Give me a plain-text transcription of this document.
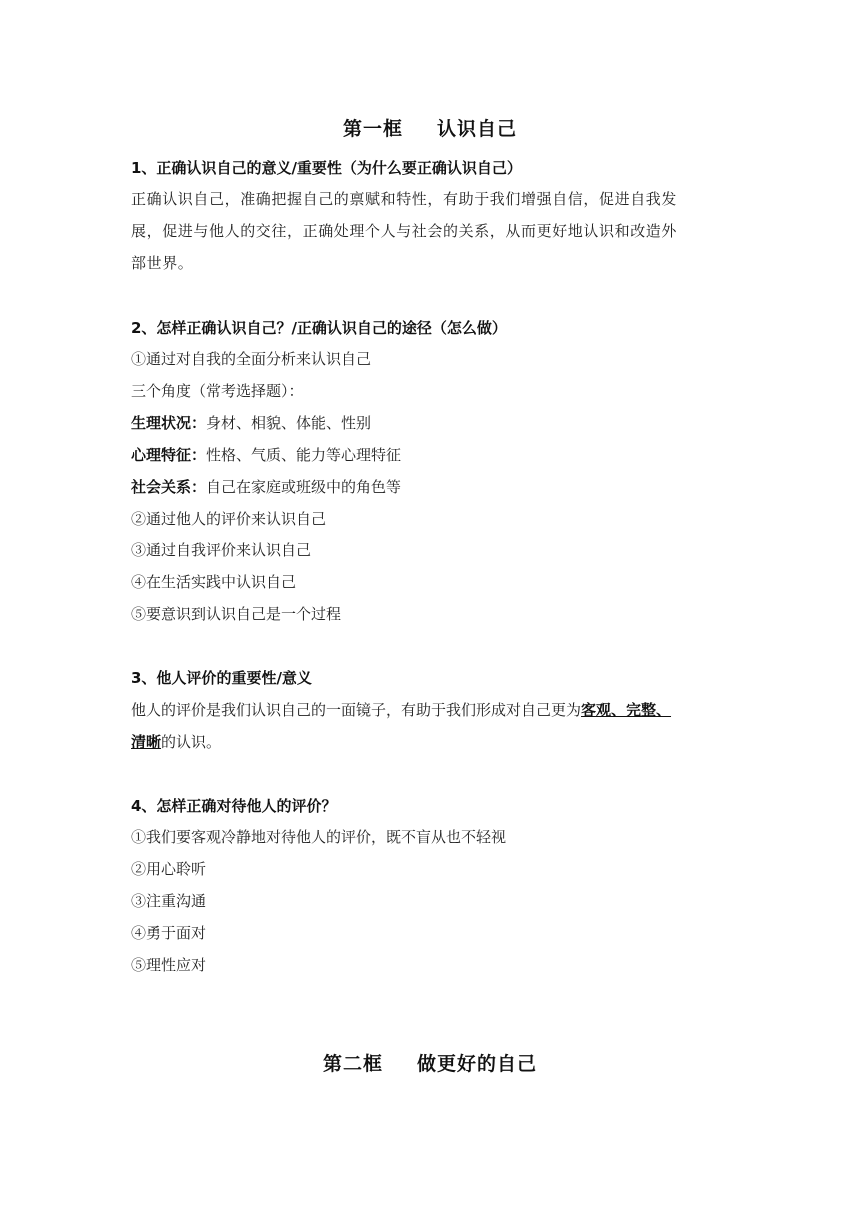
第一框 认识自己
1、正确认识自己的意义/重要性（为什么要正确认识自己）
正确认识自己，准确把握自己的禀赋和特性，有助于我们增强自信，促进自我发
展，促进与他人的交往，正确处理个人与社会的关系，从而更好地认识和改造外
部世界。
2、怎样正确认识自己？/正确认识自己的途径（怎么做）
①通过对自我的全面分析来认识自己
三个角度（常考选择题）：
生理状况：身材、相貌、体能、性别
心理特征：性格、气质、能力等心理特征
社会关系：自己在家庭或班级中的角色等
②通过他人的评价来认识自己
③通过自我评价来认识自己
④在生活实践中认识自己
⑤要意识到认识自己是一个过程
3、他人评价的重要性/意义
他人的评价是我们认识自己的一面镜子，有助于我们形成对自己更为客观、完整、
清晰的认识。
4、怎样正确对待他人的评价？
①我们要客观冷静地对待他人的评价，既不盲从也不轻视
②用心聆听
③注重沟通
④勇于面对
⑤理性应对
第二框 做更好的自己
